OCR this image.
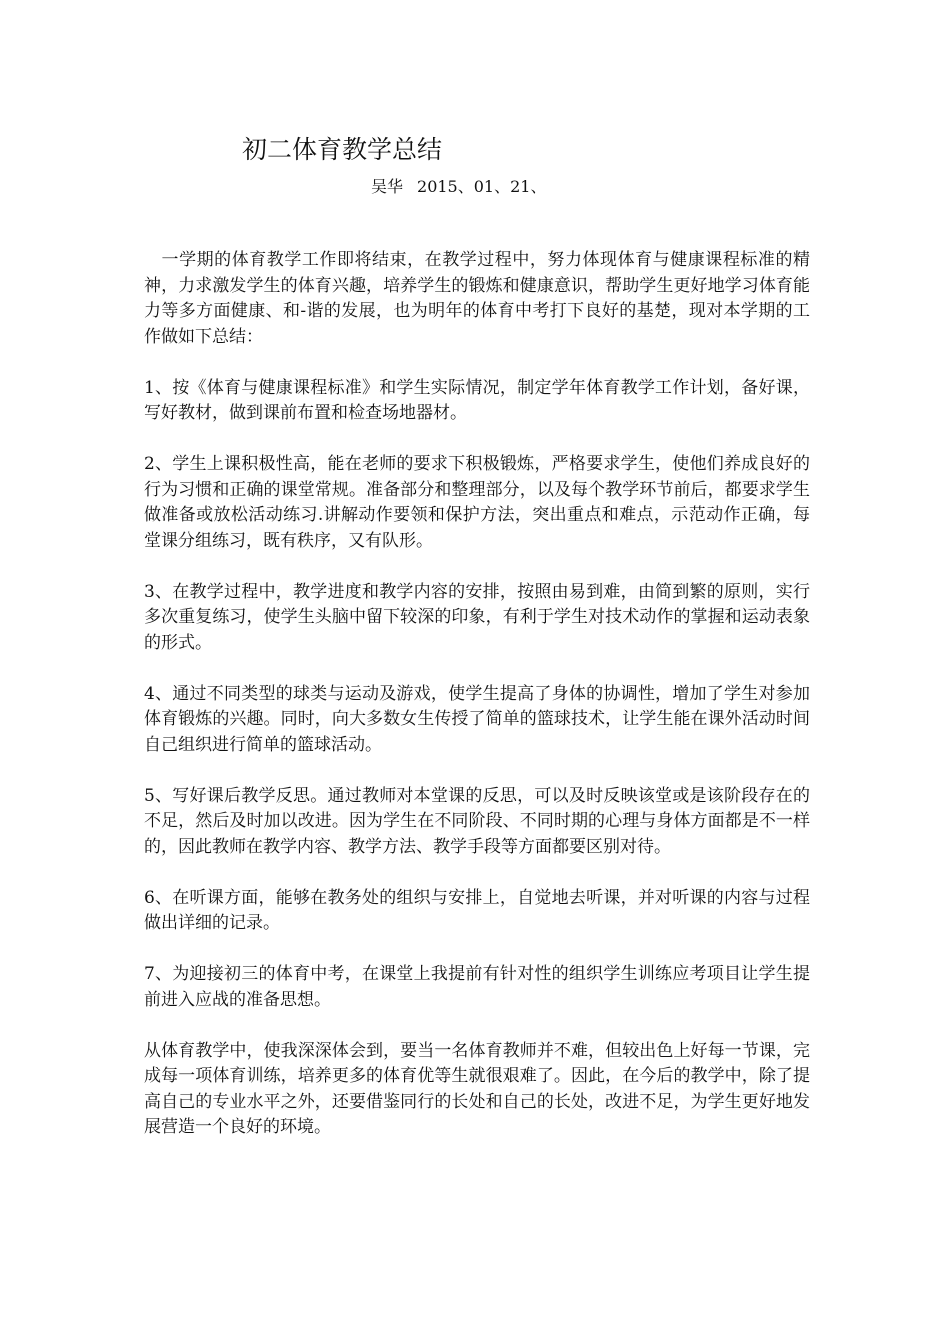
初二体育教学总结
吴华 2015、01、21、

　一学期的体育教学工作即将结束，在教学过程中，努力体现体育与健康课程标准的精神，力求激发学生的体育兴趣，培养学生的锻炼和健康意识，帮助学生更好地学习体育能力等多方面健康、和-谐的发展，也为明年的体育中考打下良好的基楚，现对本学期的工作做如下总结：

1、按《体育与健康课程标准》和学生实际情况，制定学年体育教学工作计划，备好课，写好教材，做到课前布置和检查场地器材。

2、学生上课积极性高，能在老师的要求下积极锻炼，严格要求学生，使他们养成良好的行为习惯和正确的课堂常规。准备部分和整理部分，以及每个教学环节前后，都要求学生做准备或放松活动练习.讲解动作要领和保护方法，突出重点和难点，示范动作正确，每堂课分组练习，既有秩序，又有队形。

3、在教学过程中，教学进度和教学内容的安排，按照由易到难，由简到繁的原则，实行多次重复练习，使学生头脑中留下较深的印象，有利于学生对技术动作的掌握和运动表象的形式。

4、通过不同类型的球类与运动及游戏，使学生提高了身体的协调性，增加了学生对参加体育锻炼的兴趣。同时，向大多数女生传授了简单的篮球技术，让学生能在课外活动时间自己组织进行简单的篮球活动。

5、写好课后教学反思。通过教师对本堂课的反思，可以及时反映该堂或是该阶段存在的不足，然后及时加以改进。因为学生在不同阶段、不同时期的心理与身体方面都是不一样的，因此教师在教学内容、教学方法、教学手段等方面都要区别对待。

6、在听课方面，能够在教务处的组织与安排上，自觉地去听课，并对听课的内容与过程做出详细的记录。

7、为迎接初三的体育中考，在课堂上我提前有针对性的组织学生训练应考项目让学生提前进入应战的准备思想。

从体育教学中，使我深深体会到，要当一名体育教师并不难，但较出色上好每一节课，完成每一项体育训练，培养更多的体育优等生就很艰难了。因此，在今后的教学中，除了提高自己的专业水平之外，还要借鉴同行的长处和自己的长处，改进不足，为学生更好地发展营造一个良好的环境。
